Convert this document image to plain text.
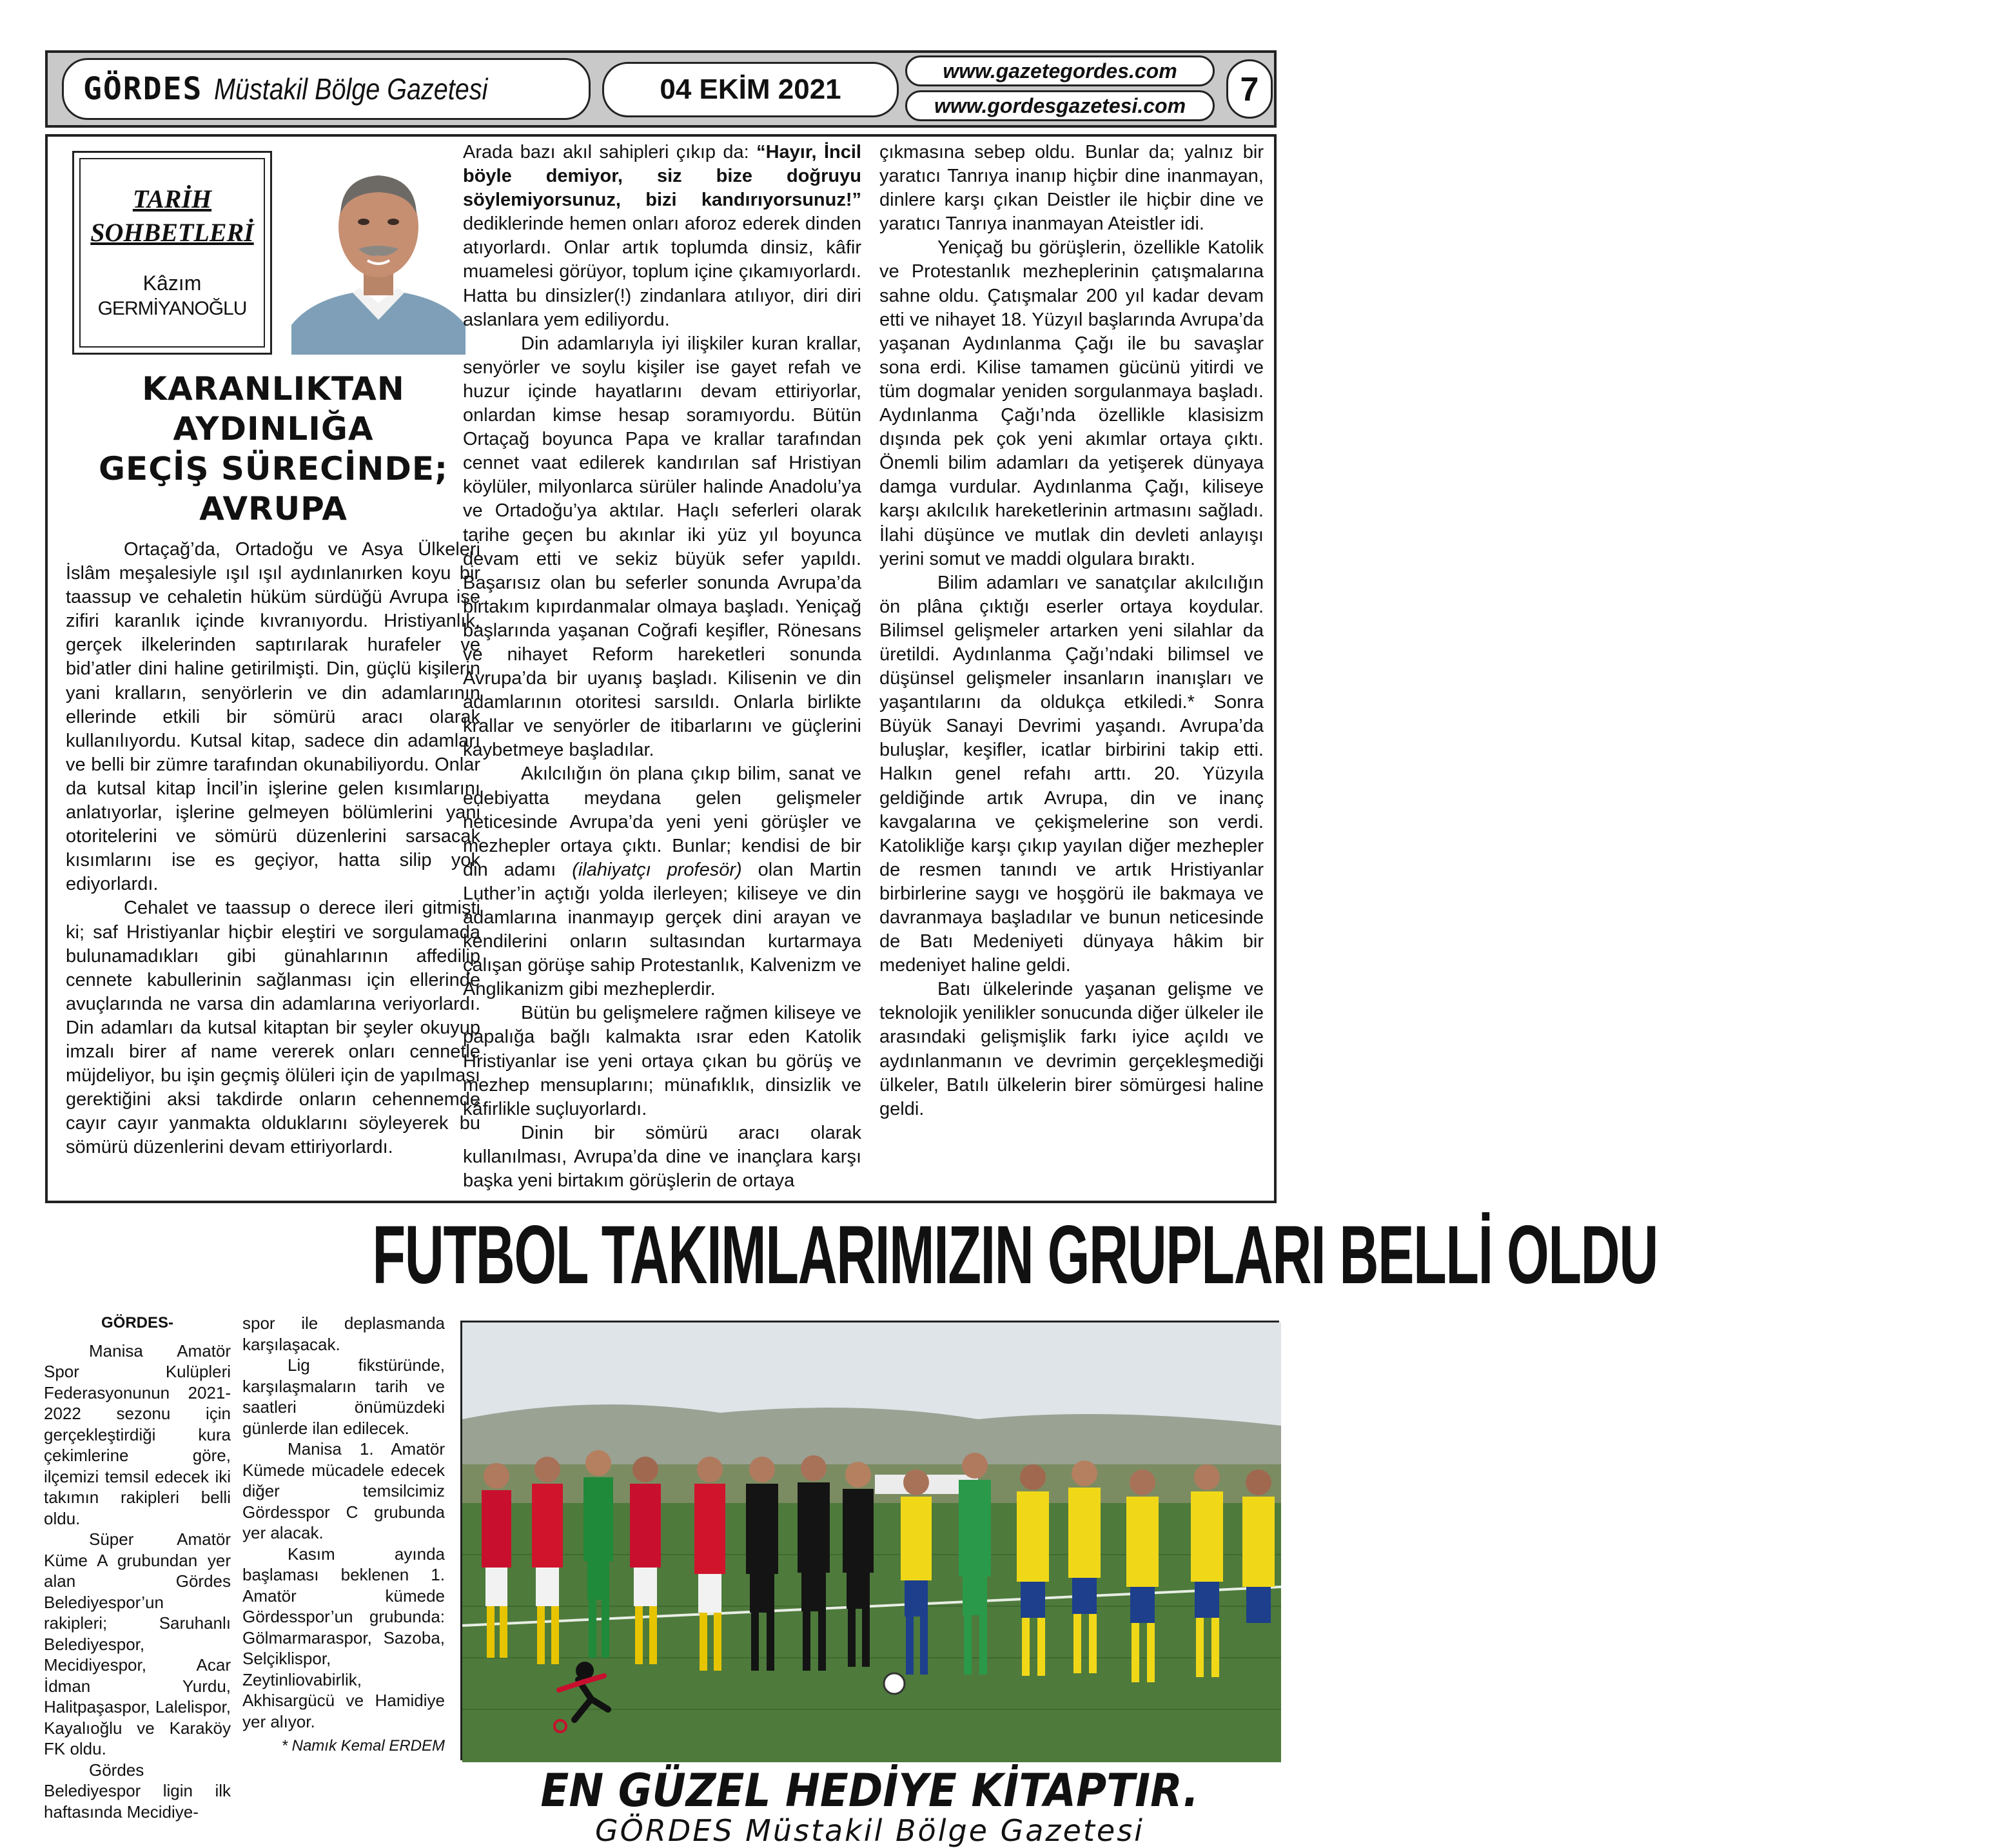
GÖRDES Müstakil Bölge Gazetesi	04 EKİM 2021
www.gazetegordes.com
www.gordesgazetesi.com	7
TARİH
SOHBETLERİ
Kâzım
GERMİYANOĞLU
KARANLIKTAN
AYDINLIĞA
GEÇİŞ SÜRECİNDE;
AVRUPA

Ortaçağ’da, Ortadoğu ve Asya Ülkeleri İslâm meşalesiyle ışıl ışıl aydınlanırken koyu bir taassup ve cehaletin hüküm sürdüğü Avrupa ise zifiri karanlık içinde kıvranıyordu. Hristiyanlık, gerçek ilkelerinden saptırılarak hurafeler ve bid’atler dini haline getirilmişti. Din, güçlü kişilerin yani kralların, senyörlerin ve din adamlarının ellerinde etkili bir sömürü aracı olarak kullanılıyordu. Kutsal kitap, sadece din adamları ve belli bir zümre tarafından okunabiliyordu. Onlar da kutsal kitap İncil’in işlerine gelen kısımlarını anlatıyorlar, işlerine gelmeyen bölümlerini yani otoritelerini ve sömürü düzenlerini sarsacak kısımlarını ise es geçiyor, hatta silip yok ediyorlardı.

Cehalet ve taassup o derece ileri gitmişti ki; saf Hristiyanlar hiçbir eleştiri ve sorgulamada bulunamadıkları gibi günahlarının affedilip cennete kabullerinin sağlanması için ellerinde avuçlarında ne varsa din adamlarına veriyorlardı. Din adamları da kutsal kitaptan bir şeyler okuyup imzalı birer af name vererek onları cennetle müjdeliyor, bu işin geçmiş ölüleri için de yapılması gerektiğini aksi takdirde onların cehennemde cayır cayır yanmakta olduklarını söyleyerek bu sömürü düzenlerini devam ettiriyorlardı.

Arada bazı akıl sahipleri çıkıp da: “Hayır, İncil böyle demiyor, siz bize doğruyu söylemiyorsunuz, bizi kandırıyorsunuz!” dediklerinde hemen onları aforoz ederek dinden atıyorlardı. Onlar artık toplumda dinsiz, kâfir muamelesi görüyor, toplum içine çıkamıyorlardı. Hatta bu dinsizler(!) zindanlara atılıyor, diri diri aslanlara yem ediliyordu.

Din adamlarıyla iyi ilişkiler kuran krallar, senyörler ve soylu kişiler ise gayet refah ve huzur içinde hayatlarını devam ettiriyorlar, onlardan kimse hesap soramıyordu. Bütün Ortaçağ boyunca Papa ve krallar tarafından cennet vaat edilerek kandırılan saf Hristiyan köylüler, milyonlarca sürüler halinde Anadolu’ya ve Ortadoğu’ya aktılar. Haçlı seferleri olarak tarihe geçen bu akınlar iki yüz yıl boyunca devam etti ve sekiz büyük sefer yapıldı. Başarısız olan bu seferler sonunda Avrupa’da birtakım kıpırdanmalar olmaya başladı. Yeniçağ başlarında yaşanan Coğrafi keşifler, Rönesans ve nihayet Reform hareketleri sonunda Avrupa’da bir uyanış başladı. Kilisenin ve din adamlarının otoritesi sarsıldı. Onlarla birlikte krallar ve senyörler de itibarlarını ve güçlerini kaybetmeye başladılar.

Akılcılığın ön plana çıkıp bilim, sanat ve edebiyatta meydana gelen gelişmeler neticesinde Avrupa’da yeni yeni görüşler ve mezhepler ortaya çıktı. Bunlar; kendisi de bir din adamı (ilahiyatçı profesör) olan Martin Luther’in açtığı yolda ilerleyen; kiliseye ve din adamlarına inanmayıp gerçek dini arayan ve kendilerini onların sultasından kurtarmaya çalışan görüşe sahip Protestanlık, Kalvenizm ve Anglikanizm gibi mezheplerdir.

Bütün bu gelişmelere rağmen kiliseye ve papalığa bağlı kalmakta ısrar eden Katolik Hristiyanlar ise yeni ortaya çıkan bu görüş ve mezhep mensuplarını; münafıklık, dinsizlik ve kâfirlikle suçluyorlardı.

Dinin bir sömürü aracı olarak kullanılması, Avrupa’da dine ve inançlara karşı başka yeni birtakım görüşlerin de ortaya

çıkmasına sebep oldu. Bunlar da; yalnız bir yaratıcı Tanrıya inanıp hiçbir dine inanmayan, dinlere karşı çıkan Deistler ile hiçbir dine ve yaratıcı Tanrıya inanmayan Ateistler idi.

Yeniçağ bu görüşlerin, özellikle Katolik ve Protestanlık mezheplerinin çatışmalarına sahne oldu. Çatışmalar 200 yıl kadar devam etti ve nihayet 18. Yüzyıl başlarında Avrupa’da yaşanan Aydınlanma Çağı ile bu savaşlar sona erdi. Kilise tamamen gücünü yitirdi ve tüm dogmalar yeniden sorgulanmaya başladı. Aydınlanma Çağı’nda özellikle klasisizm dışında pek çok yeni akımlar ortaya çıktı. Önemli bilim adamları da yetişerek dünyaya damga vurdular. Aydınlanma Çağı, kiliseye karşı akılcılık hareketlerinin artmasını sağladı. İlahi düşünce ve mutlak din devleti anlayışı yerini somut ve maddi olgulara bıraktı.

Bilim adamları ve sanatçılar akılcılığın ön plâna çıktığı eserler ortaya koydular. Bilimsel gelişmeler artarken yeni silahlar da üretildi. Aydınlanma Çağı’ndaki bilimsel ve düşünsel gelişmeler insanların inanışları ve yaşantılarını da oldukça etkiledi.* Sonra Büyük Sanayi Devrimi yaşandı. Avrupa’da buluşlar, keşifler, icatlar birbirini takip etti. Halkın genel refahı arttı. 20. Yüzyıla geldiğinde artık Avrupa, din ve inanç kavgalarına ve çekişmelerine son verdi. Katolikliğe karşı çıkıp yayılan diğer mezhepler de resmen tanındı ve artık Hristiyanlar birbirlerine saygı ve hoşgörü ile bakmaya ve davranmaya başladılar ve bunun neticesinde de Batı Medeniyeti dünyaya hâkim bir medeniyet haline geldi.

Batı ülkelerinde yaşanan gelişme ve teknolojik yenilikler sonucunda diğer ülkeler ile arasındaki gelişmişlik farkı iyice açıldı ve aydınlanmanın ve devrimin gerçekleşmediği ülkeler, Batılı ülkelerin birer sömürgesi haline geldi.

FUTBOL TAKIMLARIMIZIN GRUPLARI BELLİ OLDU

GÖRDES-

Manisa Amatör Spor Kulüpleri Federasyonunun 2021-2022 sezonu için gerçekleştirdiği kura çekimlerine göre, ilçemizi temsil edecek iki takımın rakipleri belli oldu.

Süper Amatör Küme A grubundan yer alan Gördes Belediyespor’un rakipleri; Saruhanlı Belediyespor, Mecidiyespor, Acar İdman Yurdu, Halitpaşaspor, Lalelispor, Kayalıoğlu ve Karaköy FK oldu.

Gördes Belediyespor ligin ilk haftasında Mecidiye-

spor ile deplasmanda karşılaşacak.

Lig fikstüründe, karşılaşmaların tarih ve saatleri önümüzdeki günlerde ilan edilecek.

Manisa 1. Amatör Kümede mücadele edecek diğer temsilcimiz Gördesspor C grubunda yer alacak.

Kasım ayında başlaması beklenen 1. Amatör kümede Gördesspor’un grubunda: Gölmarmaraspor, Sazoba, Selçiklispor, Zeytinliovabirlik, Akhisargücü ve Hamidiye yer alıyor.

* Namık Kemal ERDEM

EN GÜZEL HEDİYE KİTAPTIR.
GÖRDES Müstakil Bölge Gazetesi
